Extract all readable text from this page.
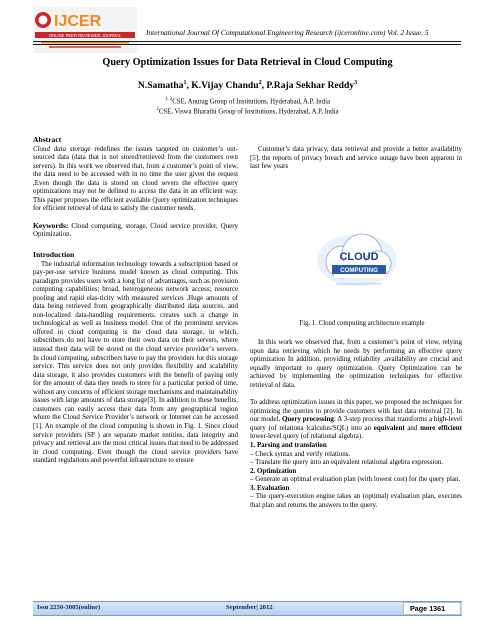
IJCER
ONLINE PEER REVIEWED JOURNAL	International Journal Of Computational Engineering Research (ijceronline.com) Vol. 2 Issue. 5
Query Optimization Issues for Data Retrieval in Cloud Computing
N.Samatha$^1$, K.Vijay Chandu$^2$, P.Raja Sekhar Reddy$^3$
$^{1, 3}$CSE, Anurag Group of Institutions, Hyderabad, A.P, India
$^2$CSE, Viswa Bharathi Group of Institutions, Hyderabad, A.P, India
Abstract

Cloud data storage redefines the issues targeted on customer’s out-sourced data (data that is not stored/retrieved from the customers own servers). In this work we observed that, from a customer’s point of view, the data need to be accessed with in no time the user given the request ,Even though the data is stored on cloud severs the effective query optimizations may not be defined to access the data in an efficient way. This paper proposes the efficient available Query optimization techniques for efficient retrieval of data to satisfy the customer needs.

Keywords: Cloud computing, storage, Cloud service provider, Query Optimization.

Introduction

The industrial information technology towards a subscription based or pay-per-use service business model known as cloud computing. This paradigm provides users with a long list of advantages, such as provision computing capabilities; broad, heterogeneous network access; resource pooling and rapid elas-ticity with measured services .Huge amounts of data being retrieved from geographically distributed data sources, and non-localized data-handling requirements, creates such a change in technological as well as business model. One of the prominent services offered in cloud computing is the cloud data storage, in which, subscribers do not have to store their own data on their servers, where instead their data will be stored on the cloud service provider’s servers. In cloud computing, subscribers have to pay the providers for this storage service. This service does not only provides flexibility and scalability data storage, it also provides customers with the benefit of paying only for the amount of data they needs to store for a particular period of time, without any concerns of efficient storage mechanisms and maintainability issues with large amounts of data storage[3]. In addition to these benefits, customers can easily access their data from any geographical region where the Cloud Service Provider’s network or Internet can be accessed [1]. An example of the cloud computing is shown in Fig. 1. Since cloud service providers (SP ) are separate market entities, data integrity and privacy and retrieval are the most critical issues that need to be addressed in cloud computing. Even though the cloud service providers have standard regulations and powerful infrastructure to ensure

Customer’s data privacy, data retrieval and provide a better availability [5], the reports of privacy breach and service outage have been apparent in last few years

CLOUD
COMPUTING
Fig. 1. Cloud computing architecture example

In this work we observed that, from a customer’s point of view, relying upon data retrieving which he needs by performing an effective query optimization In addition, providing reliability ,availability are crucial and equally important to query optimization. Query Optimization can be achieved by implementing the optimization techniques for effective retrieval of data.

To address optimization issues in this paper, we proposed the techniques for optimizing the queries to provide customers with fast data retreival [2]. In our model, Query processing: A 3-step process that transforms a high-level query (of relationa lcalculus/SQL) into an equivalent and more efficient lower-level query (of relational algebra).

1. Parsing and translation
– Check syntax and verify relations.
– Translate the query into an equivalent relational algebra expression.
2. Optimization
– Generate an optimal evaluation plan (with lowest cost) for the query plan.
3. Evaluation
– The query-execution engine takes an (optimal) evaluation plan, executes that plan and returns the answers to the query.
Issn 2250-3005(online)	September| 2012	Page 1361
